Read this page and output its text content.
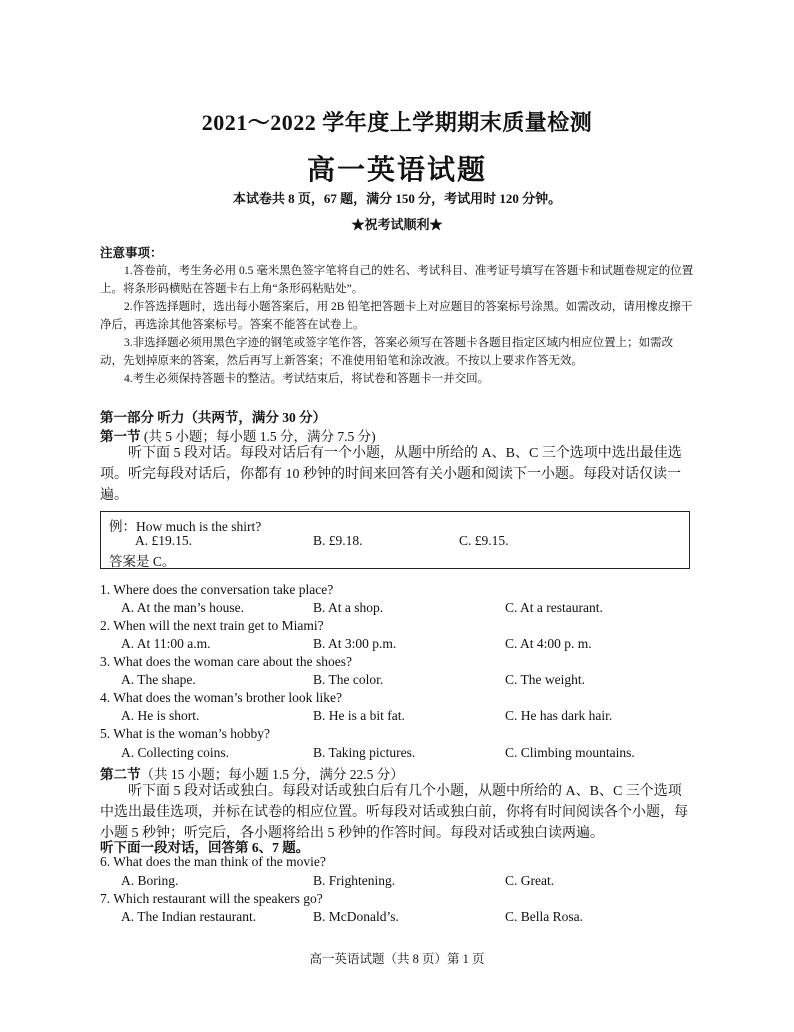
2021～2022 学年度上学期期末质量检测
高一英语试题
本试卷共 8 页，67 题，满分 150 分，考试用时 120 分钟。
★祝考试顺利★
注意事项：

1.答卷前，考生务必用 0.5 毫米黑色签字笔将自己的姓名、考试科目、准考证号填写在答题卡和试题卷规定的位置上。将条形码横贴在答题卡右上角“条形码粘贴处”。

2.作答选择题时，选出每小题答案后，用 2B 铅笔把答题卡上对应题目的答案标号涂黑。如需改动，请用橡皮擦干净后，再选涂其他答案标号。答案不能答在试卷上。

3.非选择题必须用黑色字迹的钢笔或签字笔作答，答案必须写在答题卡各题目指定区域内相应位置上；如需改动，先划掉原来的答案，然后再写上新答案；不准使用铅笔和涂改液。不按以上要求作答无效。

4.考生必须保持答题卡的整洁。考试结束后，将试卷和答题卡一并交回。

第一部分 听力（共两节，满分 30 分）
第一节 (共 5 小题；每小题 1.5 分，满分 7.5 分)
听下面 5 段对话。每段对话后有一个小题，从题中所给的 A、B、C 三个选项中选出最佳选项。听完每段对话后，你都有 10 秒钟的时间来回答有关小题和阅读下一小题。每段对话仅读一遍。
例：How much is the shirt?
A. £19.15.	B. £9.18.	C. £9.15.
答案是 C。
1. Where does the conversation take place?
A. At the man’s house.	B. At a shop.	C. At a restaurant.
2. When will the next train get to Miami?
A. At 11:00 a.m.	B. At 3:00 p.m.	C. At 4:00 p. m.
3. What does the woman care about the shoes?
A. The shape.	B. The color.	C. The weight.
4. What does the woman’s brother look like?
A. He is short.	B. He is a bit fat.	C. He has dark hair.
5. What is the woman’s hobby?
A. Collecting coins.	B. Taking pictures.	C. Climbing mountains.
第二节（共 15 小题；每小题 1.5 分，满分 22.5 分）
听下面 5 段对话或独白。每段对话或独白后有几个小题，从题中所给的 A、B、C 三个选项中选出最佳选项，并标在试卷的相应位置。听每段对话或独白前，你将有时间阅读各个小题，每小题 5 秒钟；听完后，各小题将给出 5 秒钟的作答时间。每段对话或独白读两遍。
听下面一段对话，回答第 6、7 题。
6. What does the man think of the movie?
A. Boring.	B. Frightening.	C. Great.
7. Which restaurant will the speakers go?
A. The Indian restaurant.	B. McDonald’s.	C. Bella Rosa.
高一英语试题（共 8 页）第 1 页
